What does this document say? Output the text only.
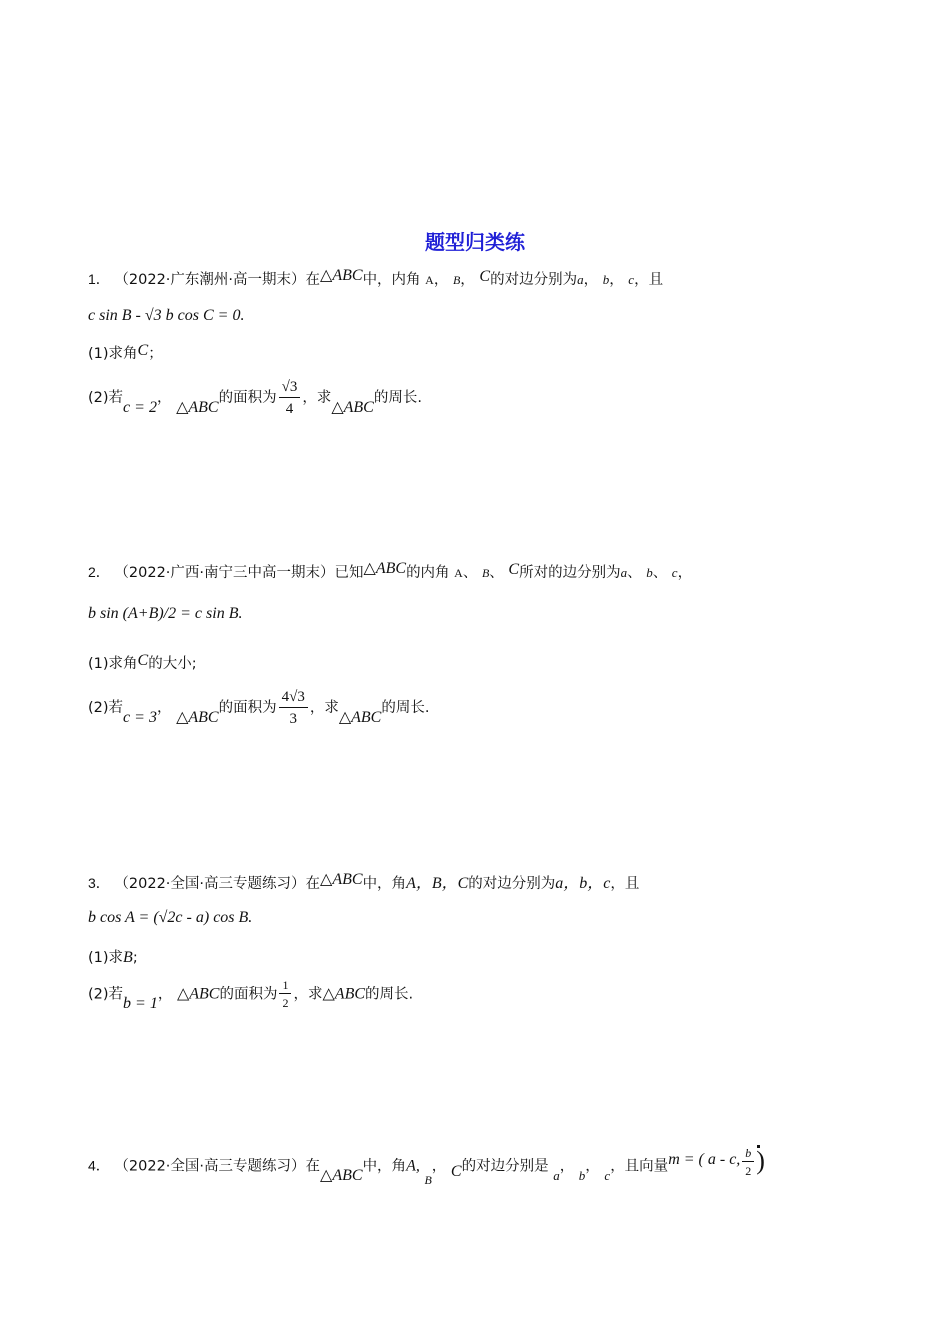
题型归类练
1． （2022·广东潮州·高一期末）在△ABC中，内角 A， B， C的对边分别为a， b， c，且
c sin B - √3 b cos C = 0.
(1)求角C；
(2)若c = 2， △ABC的面积为 $\frac{√3}{4}$ ，求△ABC的周长.
2． （2022·广西·南宁三中高一期末）已知△ABC的内角 A、 B、 C所对的边分别为a、 b、 c，
b sin (A+B)/2 = c sin B.
(1)求角C的大小;
(2)若c = 3， △ABC的面积为 $\frac{4√3}{3}$ ，求△ABC的周长.
3． （2022·全国·高三专题练习）在△ABC中，角A，B，C的对边分别为a，b，c，且
b cos A = (√2c - a) cos B.
(1)求B;
(2)若b = 1， △ABC的面积为 $\frac{1}{2}$ ，求△ABC的周长.
4． （2022·全国·高三专题练习）在△ABC中，角A, $_B$， C的对边分别是 a， b， c，且向量m = ( a - c, $\frac{b}{2}$ )
